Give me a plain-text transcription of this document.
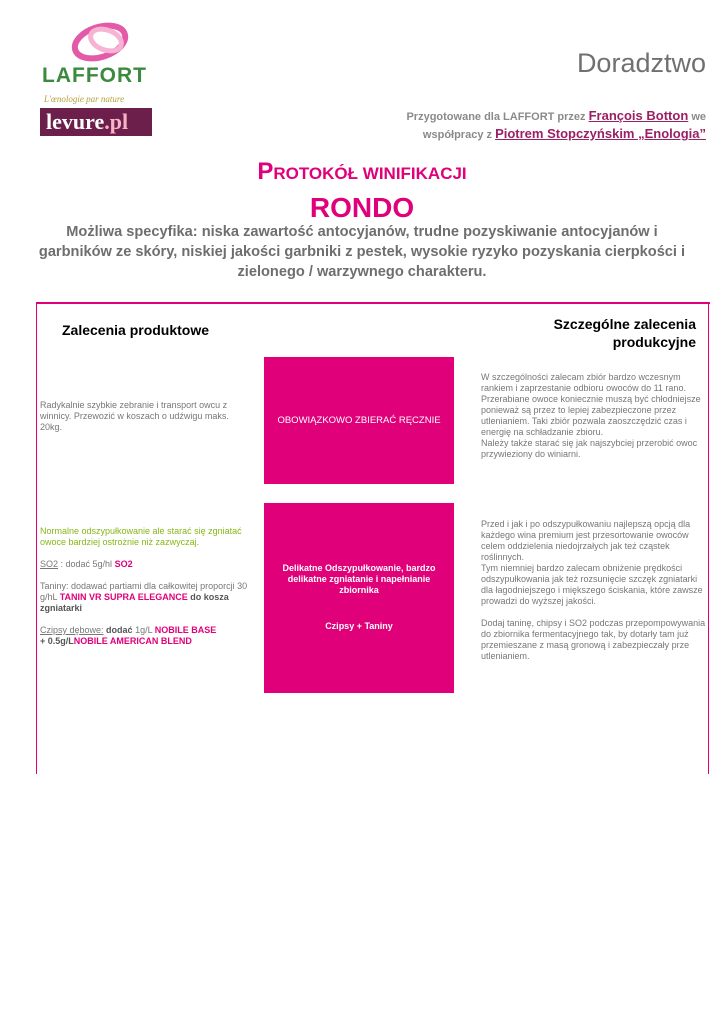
LAFFORT
L'œnologie par nature
levure.pl
Doradztwo
Przygotowane dla LAFFORT przez François Botton we
współpracy z Piotrem Stopczyńskim „Enologia”
PROTOKÓŁ WINIFIKACJI
RONDO
Możliwa specyfika: niska zawartość antocyjanów, trudne pozyskiwanie antocyjanów i garbników ze skóry, niskiej jakości garbniki z pestek, wysokie ryzyko pozyskania cierpkości i zielonego / warzywnego charakteru.
Zalecenia produktowe	Szczególne zalecenia produkcyjne
Radykalnie szybkie zebranie i transport owcu z winnicy. Przewozić w koszach o udźwigu maks. 20kg.
OBOWIĄZKOWO ZBIERAĆ RĘCZNIE
W szczególności zalecam zbiór bardzo wczesnym rankiem i zaprzestanie odbioru owoców do 11 rano. Przerabiane owoce koniecznie muszą być chłodniejsze ponieważ są przez to lepiej zabezpieczone przez utlenianiem. Taki zbiór pozwala zaoszczędzić czas i energię na schładzanie zbioru.
Należy także starać się jak najszybciej przerobić owoc przywieziony do winiarni.
Normalne odszypułkowanie ale starać się zgniatać owoce bardziej ostrożnie niż zazwyczaj.
SO2 : dodać 5g/hl SO2
Taniny: dodawać partiami dla całkowitej proporcji 30 g/hL TANIN VR SUPRA ELEGANCE do kosza zgniatarki
Czipsy dębowe: dodać 1g/L NOBILE BASE
+ 0.5g/LNOBILE AMERICAN BLEND
Delikatne Odszypułkowanie, bardzo delikatne zgniatanie i napełnianie zbiornika
Czipsy + Taniny
Przed i jak i po odszypułkowaniu najlepszą opcją dla każdego wina premium jest przesortowanie owoców celem oddzielenia niedojrzałych jak też cząstek roślinnych.
Tym niemniej bardzo zalecam obniżenie prędkości odszypułkowania jak też rozsunięcie szczęk zgniatarki dla łagodniejszego i miększego ściskania, które zawsze prowadzi do wyższej jakości.
Dodaj taninę, chipsy i SO2 podczas przepompowywania do zbiornika fermentacyjnego tak, by dotarły tam już przemieszane z masą gronową i zabezpieczały prze utlenianiem.
